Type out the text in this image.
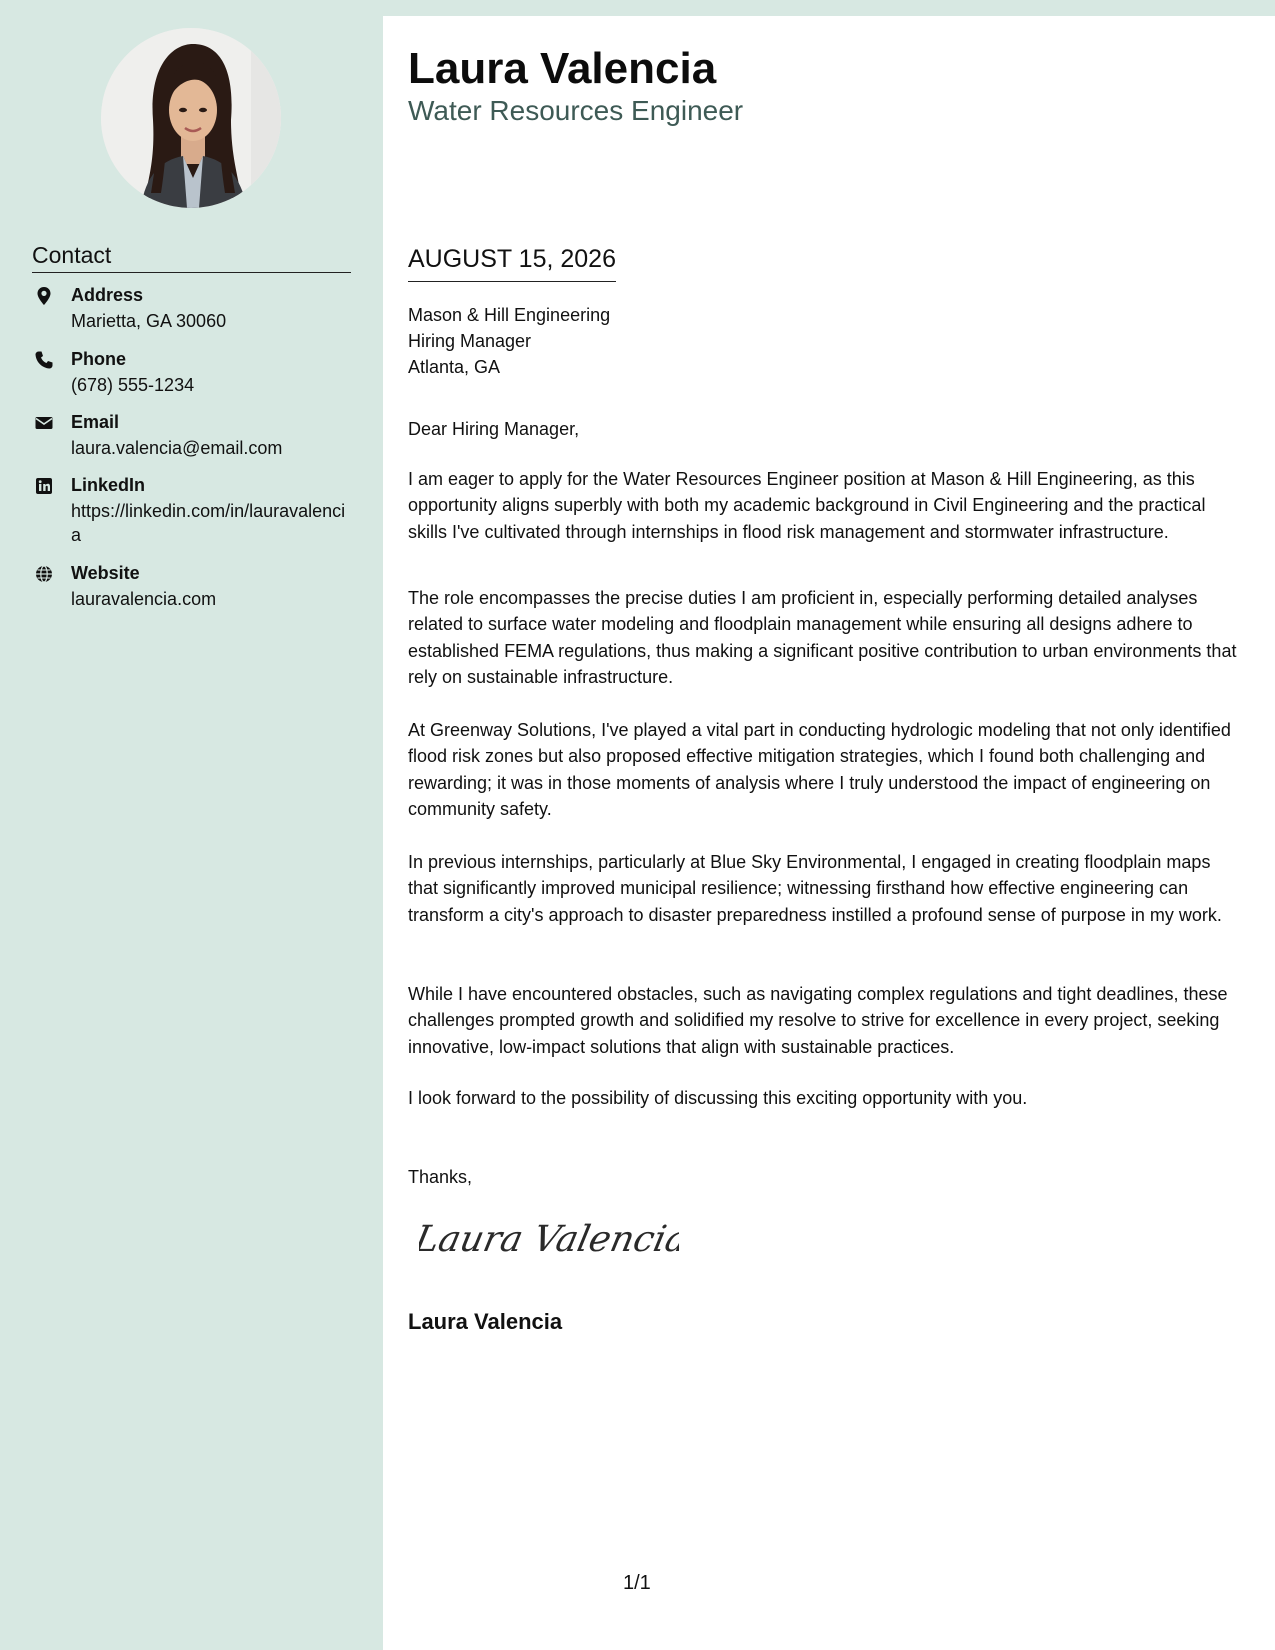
Contact
Address
Marietta, GA 30060
Phone
(678) 555-1234
Email
laura.valencia@email.com
LinkedIn
https://linkedin.com/in/lauravalencia
Website
lauravalencia.com
Laura Valencia
Water Resources Engineer
AUGUST 15, 2026
Mason & Hill Engineering
Hiring Manager
Atlanta, GA
Dear Hiring Manager,
I am eager to apply for the Water Resources Engineer position at Mason & Hill Engineering, as this opportunity aligns superbly with both my academic background in Civil Engineering and the practical skills I've cultivated through internships in flood risk management and stormwater infrastructure.
The role encompasses the precise duties I am proficient in, especially performing detailed analyses related to surface water modeling and floodplain management while ensuring all designs adhere to established FEMA regulations, thus making a significant positive contribution to urban environments that rely on sustainable infrastructure.
At Greenway Solutions, I've played a vital part in conducting hydrologic modeling that not only identified flood risk zones but also proposed effective mitigation strategies, which I found both challenging and rewarding; it was in those moments of analysis where I truly understood the impact of engineering on community safety.
In previous internships, particularly at Blue Sky Environmental, I engaged in creating floodplain maps that significantly improved municipal resilience; witnessing firsthand how effective engineering can transform a city's approach to disaster preparedness instilled a profound sense of purpose in my work.
While I have encountered obstacles, such as navigating complex regulations and tight deadlines, these challenges prompted growth and solidified my resolve to strive for excellence in every project, seeking innovative, low-impact solutions that align with sustainable practices.
I look forward to the possibility of discussing this exciting opportunity with you.
Thanks,
Laura Valencia
Laura Valencia
1/1
